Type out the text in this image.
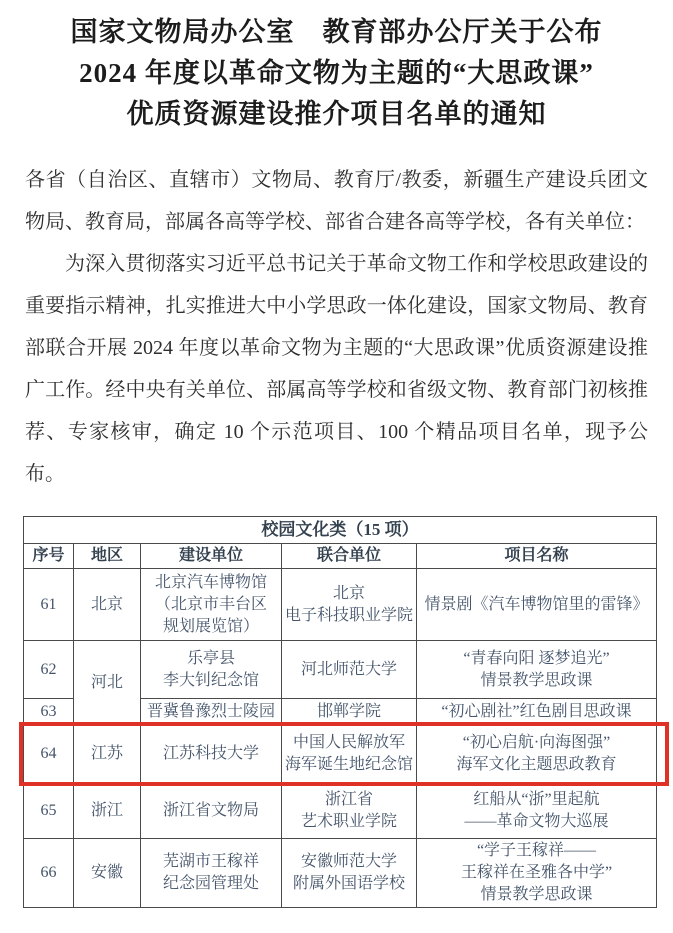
国家文物局办公室　教育部办公厅关于公布
2024 年度以革命文物为主题的“大思政课”
优质资源建设推介项目名单的通知

各省（自治区、直辖市）文物局、教育厅/教委，新疆生产建设兵团文物局、教育局，部属各高等学校、部省合建各高等学校，各有关单位：

为深入贯彻落实习近平总书记关于革命文物工作和学校思政建设的重要指示精神，扎实推进大中小学思政一体化建设，国家文物局、教育部联合开展 2024 年度以革命文物为主题的“大思政课”优质资源建设推广工作。经中央有关单位、部属高等学校和省级文物、教育部门初核推荐、专家核审，确定 10 个示范项目、100 个精品项目名单，现予公布。

校园文化类（15 项）				
序号	地区	建设单位	联合单位	项目名称
61	北京	北京汽车博物馆
（北京市丰台区
规划展览馆）	北京
电子科技职业学院	情景剧《汽车博物馆里的雷锋》

62	河北	乐亭县
李大钊纪念馆	河北师范大学	“青春向阳 逐梦追光”
情景教学思政课

63		晋冀鲁豫烈士陵园	邯郸学院	“初心剧社”红色剧目思政课

64	江苏	江苏科技大学	中国人民解放军
海军诞生地纪念馆	“初心启航·向海图强”
海军文化主题思政教育

65	浙江	浙江省文物局	浙江省
艺术职业学院	红船从“浙”里起航
——革命文物大巡展

66	安徽	芜湖市王稼祥
纪念园管理处	安徽师范大学
附属外国语学校	“学子王稼祥——
王稼祥在圣雅各中学”
情景教学思政课
